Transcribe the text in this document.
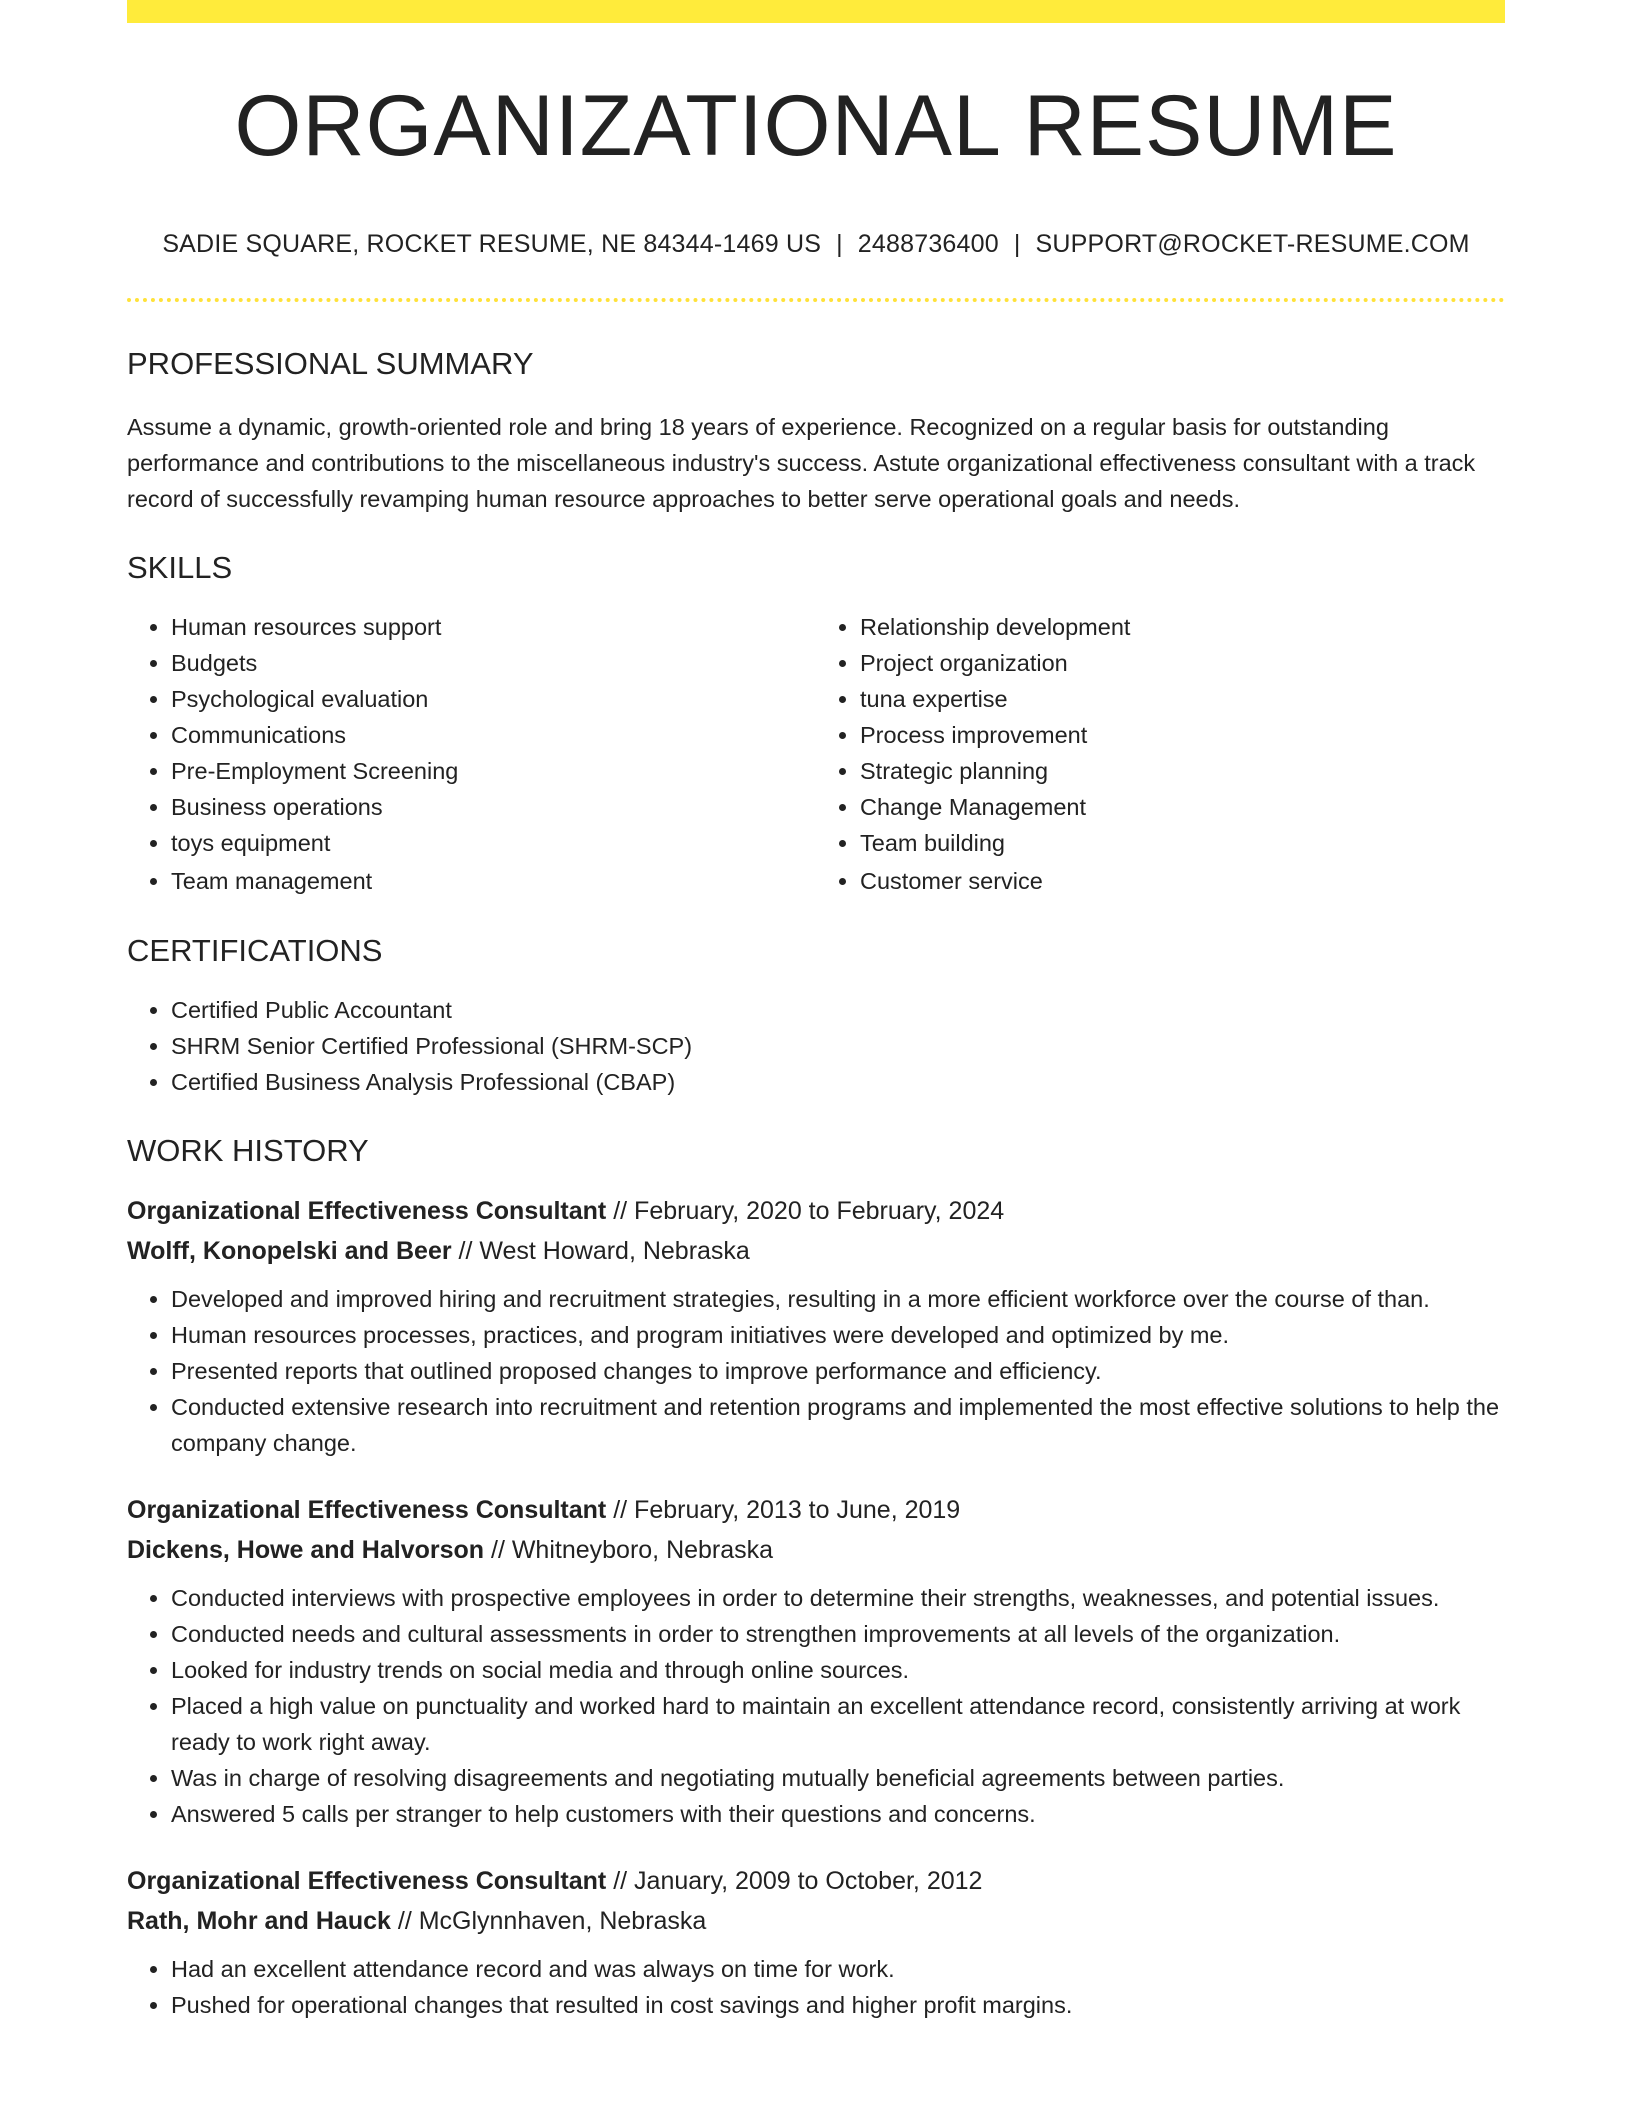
ORGANIZATIONAL RESUME
SADIE SQUARE, ROCKET RESUME, NE 84344-1469 US | 2488736400 | SUPPORT@ROCKET-RESUME.COM
PROFESSIONAL SUMMARY
Assume a dynamic, growth-oriented role and bring 18 years of experience. Recognized on a regular basis for outstanding performance and contributions to the miscellaneous industry's success. Astute organizational effectiveness consultant with a track record of successfully revamping human resource approaches to better serve operational goals and needs.
SKILLS
• Human resources support
• Budgets
• Psychological evaluation
• Communications
• Pre-Employment Screening
• Business operations
• toys equipment
• Team management
• Relationship development
• Project organization
• tuna expertise
• Process improvement
• Strategic planning
• Change Management
• Team building
• Customer service
CERTIFICATIONS
• Certified Public Accountant
• SHRM Senior Certified Professional (SHRM-SCP)
• Certified Business Analysis Professional (CBAP)
WORK HISTORY
Organizational Effectiveness Consultant // February, 2020 to February, 2024
Wolff, Konopelski and Beer // West Howard, Nebraska
• Developed and improved hiring and recruitment strategies, resulting in a more efficient workforce over the course of than.
• Human resources processes, practices, and program initiatives were developed and optimized by me.
• Presented reports that outlined proposed changes to improve performance and efficiency.
• Conducted extensive research into recruitment and retention programs and implemented the most effective solutions to help the company change.
Organizational Effectiveness Consultant // February, 2013 to June, 2019
Dickens, Howe and Halvorson // Whitneyboro, Nebraska
• Conducted interviews with prospective employees in order to determine their strengths, weaknesses, and potential issues.
• Conducted needs and cultural assessments in order to strengthen improvements at all levels of the organization.
• Looked for industry trends on social media and through online sources.
• Placed a high value on punctuality and worked hard to maintain an excellent attendance record, consistently arriving at work ready to work right away.
• Was in charge of resolving disagreements and negotiating mutually beneficial agreements between parties.
• Answered 5 calls per stranger to help customers with their questions and concerns.
Organizational Effectiveness Consultant // January, 2009 to October, 2012
Rath, Mohr and Hauck // McGlynnhaven, Nebraska
• Had an excellent attendance record and was always on time for work.
• Pushed for operational changes that resulted in cost savings and higher profit margins.
